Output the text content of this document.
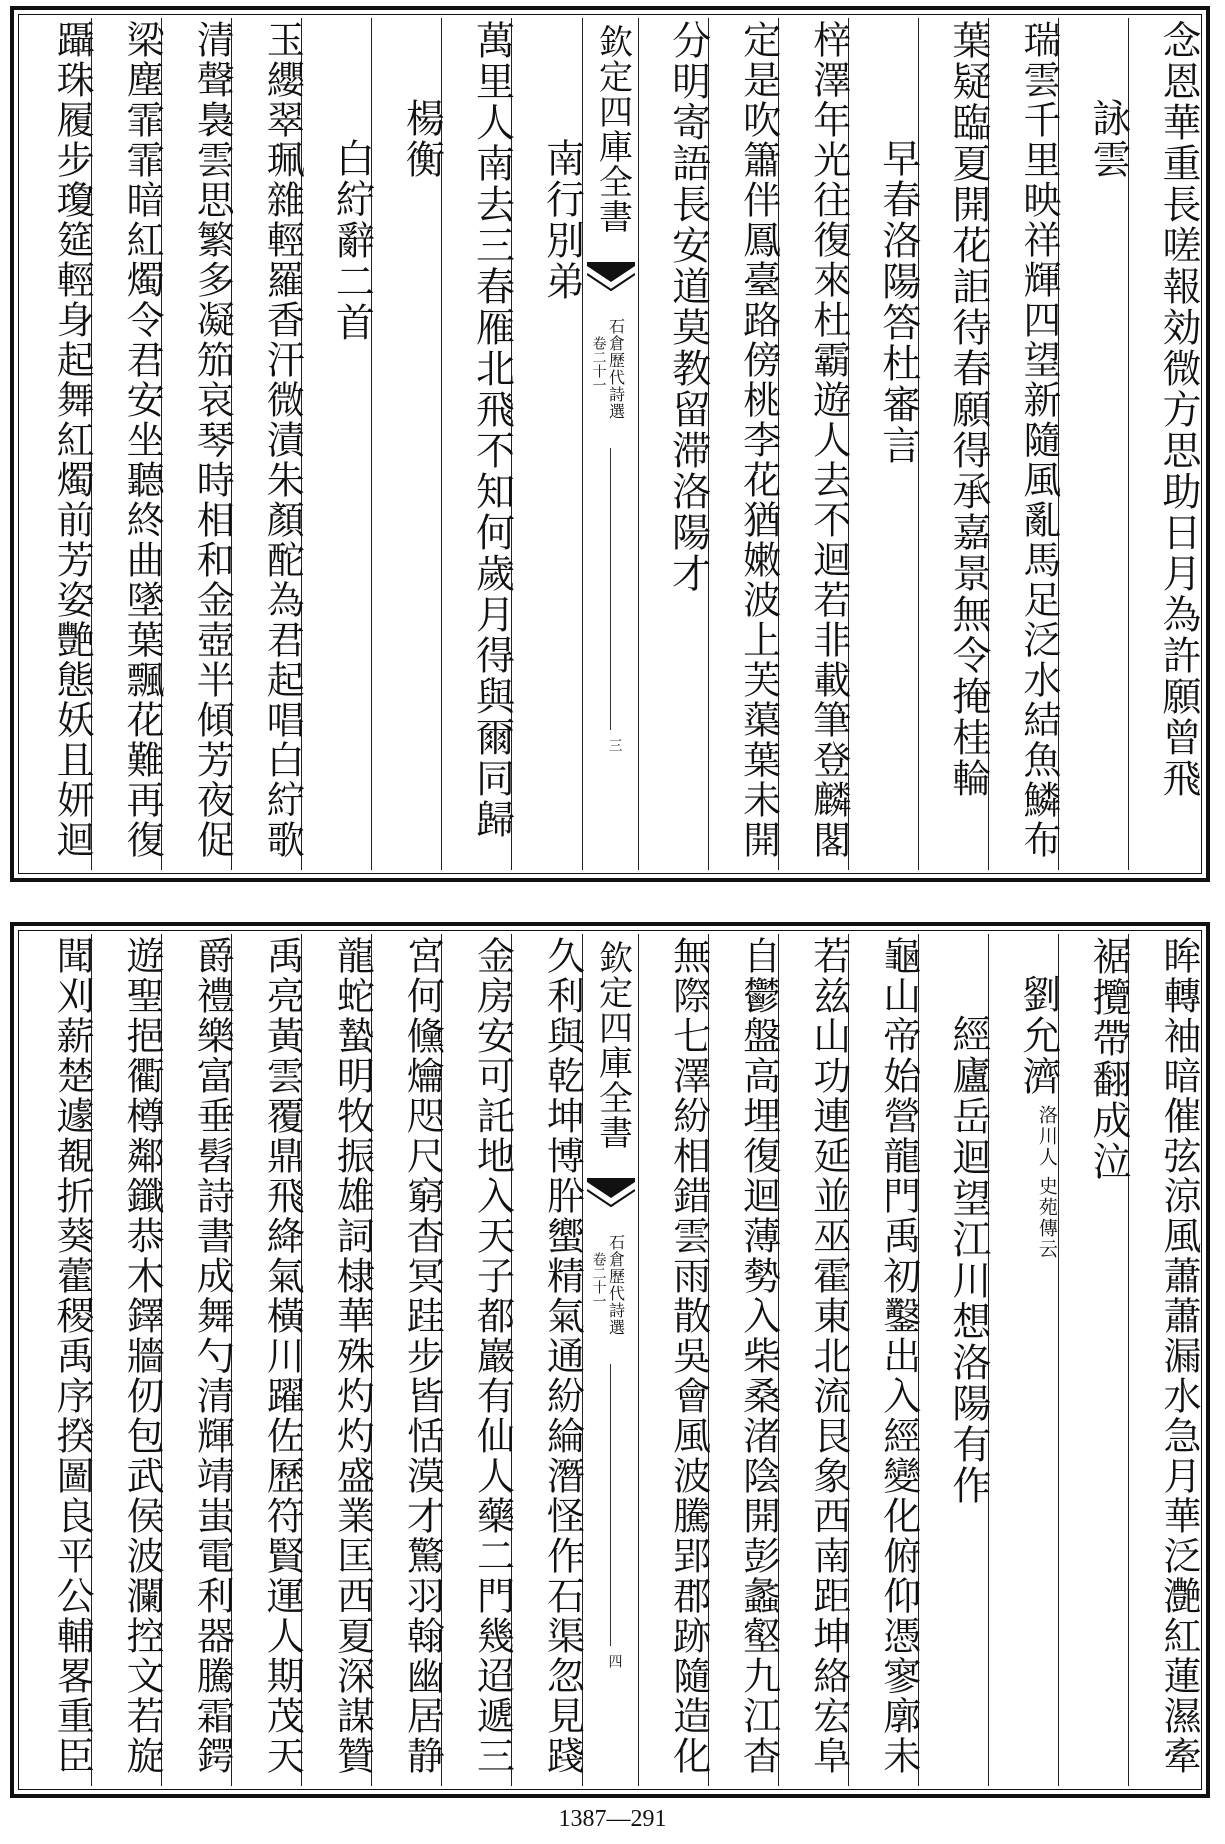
念恩華重長嗟報効微方思助日月為許願曾飛
詠雲
瑞雲千里映祥輝四望新隨風亂馬足泛水結魚鱗布
葉疑臨夏開花詎待春願得承嘉景無令掩桂輪
早春洛陽答杜審言
梓澤年光往復來杜霸遊人去不迴若非載筆登麟閣
定是吹簫伴鳳臺路傍桃李花猶嫩波上芙蕖葉未開
分明寄語長安道莫教留滞洛陽才
欽定四庫全書
石倉歷代詩選
卷二十一
三
南行別弟
萬里人南去三春雁北飛不知何歲月得與爾同歸
楊衡
白紵辭二首
玉纓翠珮雜輕羅香汗微漬朱顏酡為君起唱白紵歌
清聲裊雲思繁多凝笳哀琴時相和金壺半傾芳夜促
梁塵霏霏暗紅燭令君安坐聽終曲墜葉飄花難再復
躡珠履步瓊筵輕身起舞紅燭前芳姿艷態妖且妍迴
眸轉袖暗催弦涼風蕭蕭漏水急月華泛灔紅蓮濕牽
裾攬帶翻成泣
劉允濟
史苑傳云
洛川人
經廬岳迴望江川想洛陽有作
龜山帝始營龍門禹初鑿出入經變化俯仰憑寥廓未
若兹山功連延並巫霍東北流艮象西南距坤絡宏阜
自鬱盤高埋復迴薄勢入柴桑渚陰開彭蠡壑九江杳
無際七澤紛相錯雲雨散吳會風波騰郢郡跡隨造化
欽定四庫全書
石倉歷代詩選
卷二十一
四
久利與乾坤博肸蠁精氣通紛綸潛怪作石渠忽見踐
金房安可託地入天子都巖有仙人藥二門幾迢遞三
宮何儵爚咫尺窮杳冥跬步皆恬漠才驚羽翰幽居静
龍蛇蟄明牧振雄詞棣華殊灼灼盛業匡西夏深謀贊
禹亮黃雲覆鼎飛絳氣橫川躍佐歷符賢運人期茂天
爵禮樂富垂髫詩書成舞勺清輝靖蚩電利器騰霜鍔
遊聖挹衢樽鄰鑯恭木鐸牆仞包武侯波瀾控文若旋
聞刈薪楚遽覩折葵藿稷禹序揆圖良平公輔畧重臣
1387—291
